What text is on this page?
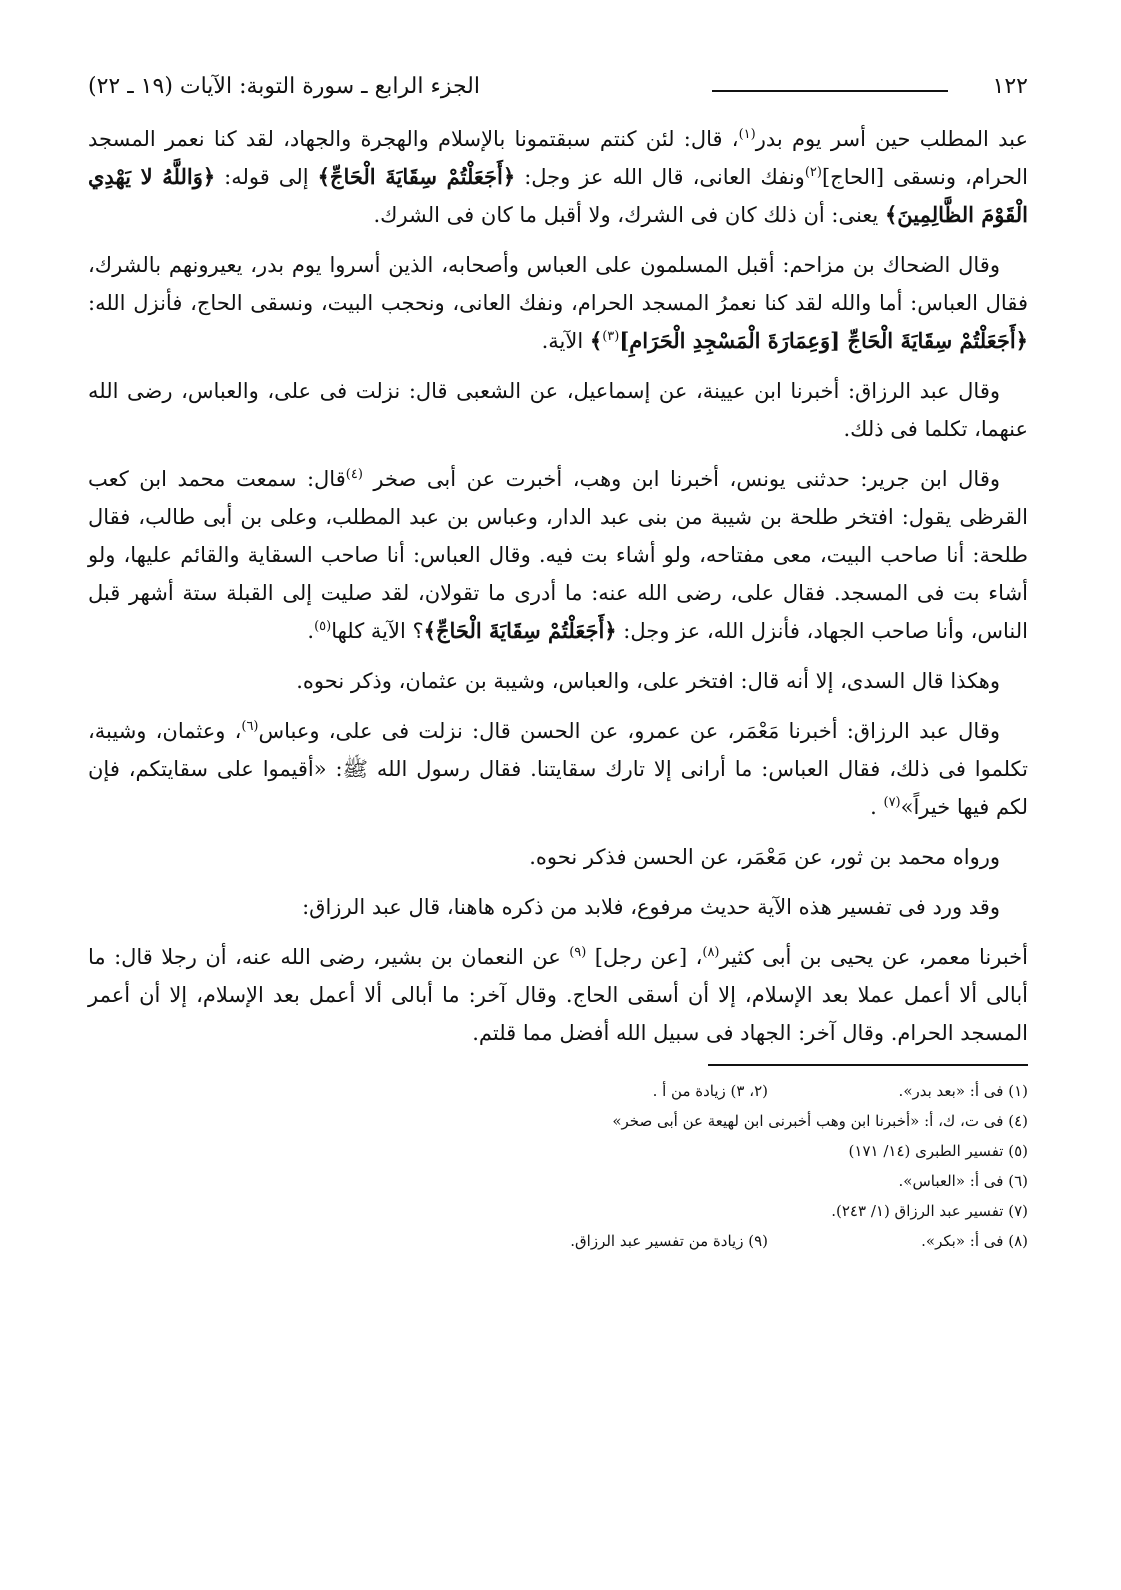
١٢٢
الجزء الرابع ـ سورة التوبة: الآيات (١٩ ـ ٢٢)

عبد المطلب حين أسر يوم بدر$^{(١)}$، قال: لئن كنتم سبقتمونا بالإسلام والهجرة والجهاد، لقد كنا نعمر المسجد الحرام، ونسقى [الحاج]$^{(٢)}$ونفك العانى، قال الله عز وجل: ﴿أَجَعَلْتُمْ سِقَايَةَ الْحَاجِّ﴾ إلى قوله: ﴿وَاللَّهُ لا يَهْدِي الْقَوْمَ الظَّالِمِينَ﴾ يعنى: أن ذلك كان فى الشرك، ولا أقبل ما كان فى الشرك.

وقال الضحاك بن مزاحم: أقبل المسلمون على العباس وأصحابه، الذين أسروا يوم بدر، يعيرونهم بالشرك، فقال العباس: أما والله لقد كنا نعمرُ المسجد الحرام، ونفك العانى، ونحجب البيت، ونسقى الحاج، فأنزل الله: ﴿أَجَعَلْتُمْ سِقَايَةَ الْحَاجِّ [وَعِمَارَةَ الْمَسْجِدِ الْحَرَامِ]$^{(٣)}$﴾ الآية.

وقال عبد الرزاق: أخبرنا ابن عيينة، عن إسماعيل، عن الشعبى قال: نزلت فى على، والعباس، رضى الله عنهما، تكلما فى ذلك.

وقال ابن جرير: حدثنى يونس، أخبرنا ابن وهب، أخبرت عن أبى صخر $^{(٤)}$قال: سمعت محمد ابن كعب القرظى يقول: افتخر طلحة بن شيبة من بنى عبد الدار، وعباس بن عبد المطلب، وعلى بن أبى طالب، فقال طلحة: أنا صاحب البيت، معى مفتاحه، ولو أشاء بت فيه. وقال العباس: أنا صاحب السقاية والقائم عليها، ولو أشاء بت فى المسجد. فقال على، رضى الله عنه: ما أدرى ما تقولان، لقد صليت إلى القبلة ستة أشهر قبل الناس، وأنا صاحب الجهاد، فأنزل الله، عز وجل: ﴿أَجَعَلْتُمْ سِقَايَةَ الْحَاجِّ﴾؟ الآية كلها$^{(٥)}$.

وهكذا قال السدى، إلا أنه قال: افتخر على، والعباس، وشيبة بن عثمان، وذكر نحوه.

وقال عبد الرزاق: أخبرنا مَعْمَر، عن عمرو، عن الحسن قال: نزلت فى على، وعباس$^{(٦)}$، وعثمان، وشيبة، تكلموا فى ذلك، فقال العباس: ما أرانى إلا تارك سقايتنا. فقال رسول الله ﷺ: «أقيموا على سقايتكم، فإن لكم فيها خيراً»$^{(٧)}$ .

ورواه محمد بن ثور، عن مَعْمَر، عن الحسن فذكر نحوه.

وقد ورد فى تفسير هذه الآية حديث مرفوع، فلابد من ذكره هاهنا، قال عبد الرزاق:

أخبرنا معمر، عن يحيى بن أبى كثير$^{(٨)}$، [عن رجل] $^{(٩)}$ عن النعمان بن بشير، رضى الله عنه، أن رجلا قال: ما أبالى ألا أعمل عملا بعد الإسلام، إلا أن أسقى الحاج. وقال آخر: ما أبالى ألا أعمل بعد الإسلام، إلا أن أعمر المسجد الحرام. وقال آخر: الجهاد فى سبيل الله أفضل مما قلتم.

(١) فى أ: «بعد بدر».
(٢، ٣) زيادة من أ .
(٤) فى ت، ك، أ: «أخبرنا ابن وهب أخبرنى ابن لهيعة عن أبى صخر»
(٥) تفسير الطبرى (١٤/ ١٧١)
(٦) فى أ: «العباس».
(٧) تفسير عبد الرزاق (١/ ٢٤٣).
(٨) فى أ: «بكر».
(٩) زيادة من تفسير عبد الرزاق.
